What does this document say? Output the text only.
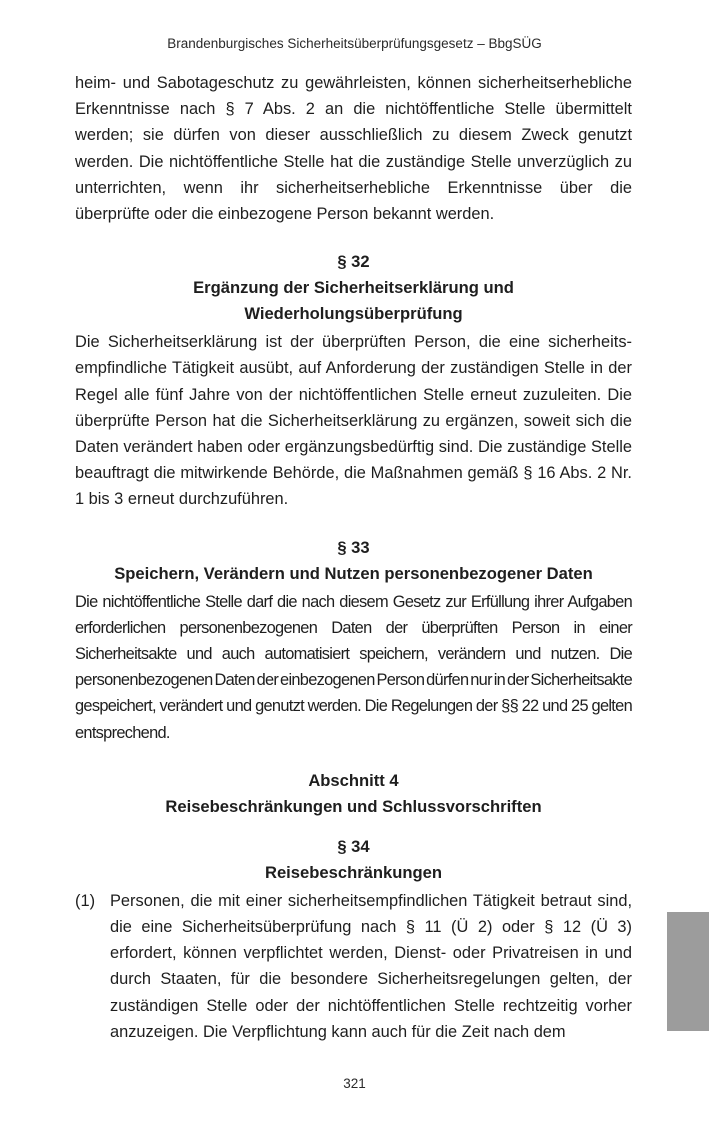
Brandenburgisches Sicherheitsüberprüfungsgesetz – BbgSÜG

heim- und Sabotageschutz zu gewährleisten, können sicherheitserhebliche Erkenntnisse nach § 7 Abs. 2 an die nichtöffentliche Stelle übermittelt werden; sie dürfen von dieser ausschließlich zu diesem Zweck genutzt werden. Die nichtöffentliche Stelle hat die zuständige Stelle unverzüglich zu unterrichten, wenn ihr sicherheitserhebliche Erkenntnisse über die überprüfte oder die einbezogene Person bekannt werden.

§ 32
Ergänzung der Sicherheitserklärung und
Wiederholungsüberprüfung

Die Sicherheitserklärung ist der überprüften Person, die eine sicherheitsempfindliche Tätigkeit ausübt, auf Anforderung der zuständigen Stelle in der Regel alle fünf Jahre von der nichtöffentlichen Stelle erneut zuzuleiten. Die überprüfte Person hat die Sicherheitserklärung zu ergänzen, soweit sich die Daten verändert haben oder ergänzungsbedürftig sind. Die zuständige Stelle beauftragt die mitwirkende Behörde, die Maßnahmen gemäß § 16 Abs. 2 Nr. 1 bis 3 erneut durchzuführen.

§ 33
Speichern, Verändern und Nutzen personenbezogener Daten

Die nichtöffentliche Stelle darf die nach diesem Gesetz zur Erfüllung ihrer Aufgaben erforderlichen personenbezogenen Daten der überprüften Person in einer Sicherheitsakte und auch automatisiert speichern, verändern und nutzen. Die personenbezogenen Daten der einbezogenen Person dürfen nur in der Sicherheitsakte gespeichert, verändert und genutzt werden. Die Regelungen der §§ 22 und 25 gelten entsprechend.

Abschnitt 4
Reisebeschränkungen und Schlussvorschriften
§ 34
Reisebeschränkungen
(1) Personen, die mit einer sicherheitsempfindlichen Tätigkeit betraut sind, die eine Sicherheitsüberprüfung nach § 11 (Ü 2) oder § 12 (Ü 3) erfordert, können verpflichtet werden, Dienst- oder Privatreisen in und durch Staaten, für die besondere Sicherheitsregelungen gelten, der zuständigen Stelle oder der nichtöffentlichen Stelle rechtzeitig vorher anzuzeigen. Die Verpflichtung kann auch für die Zeit nach dem
321
